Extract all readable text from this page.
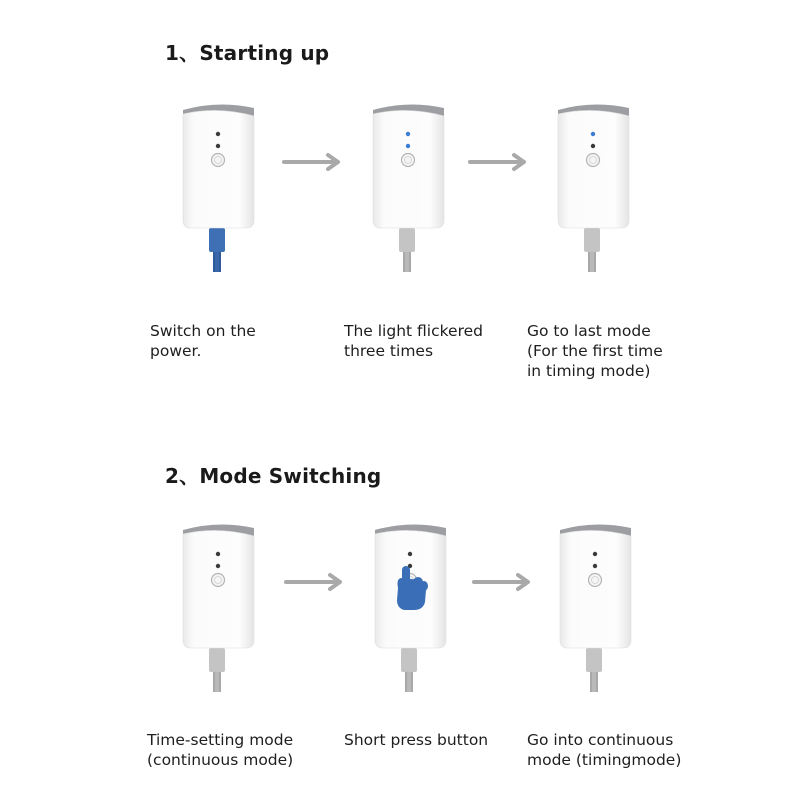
1、Starting up
Switch on the
power.
The light flickered
three times
Go to last mode
(For the first time
in timing mode)
2、Mode Switching
Time-setting mode
(continuous mode)
Short press button	Go into continuous
mode (timingmode)
